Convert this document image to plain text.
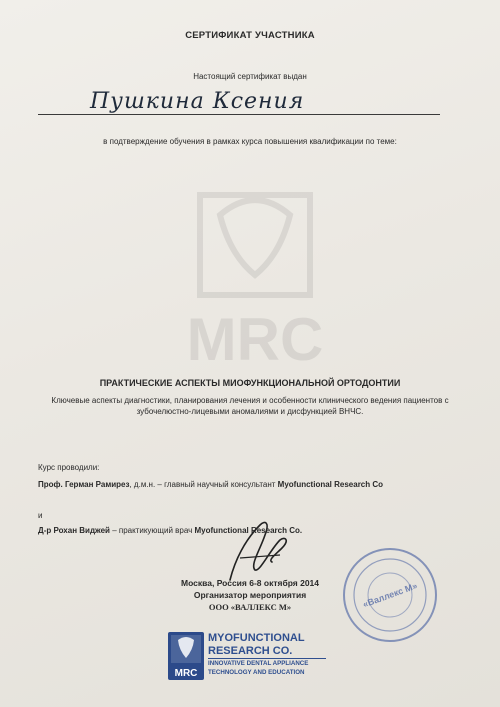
MRC
СЕРТИФИКАТ УЧАСТНИКА
Настоящий сертификат выдан
Пушкина Ксения
в подтверждение обучения в рамках курса повышения квалификации по теме:
ПРАКТИЧЕСКИЕ АСПЕКТЫ МИОФУНКЦИОНАЛЬНОЙ ОРТОДОНТИИ
Ключевые аспекты диагностики, планирования лечения и особенности клинического ведения пациентов с зубочелюстно-лицевыми аномалиями и дисфункцией ВНЧС.
Курс проводили:
Проф. Герман Рамирез, д.м.н. – главный научный консультант Myofunctional Research Co
и
Д-р Рохан Виджей – практикующий врач Myofunctional Research Co.
Москва, Россия 6-8 октября 2014
Организатор мероприятия
ООО «ВАЛЛЕКС М»	«Валлекс М»
MRC
MYOFUNCTIONAL
RESEARCH CO.
INNOVATIVE DENTAL APPLIANCE
TECHNOLOGY AND EDUCATION
